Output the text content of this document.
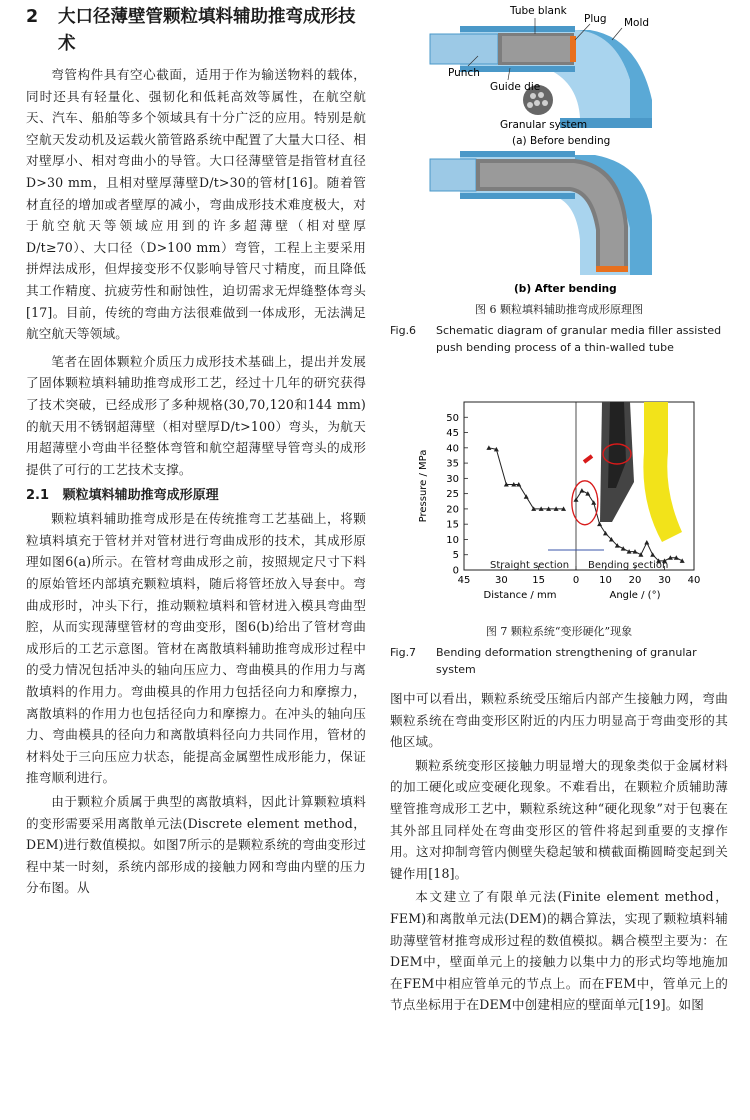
2	大口径薄壁管颗粒填料辅助推弯成形技术

弯管构件具有空心截面，适用于作为输送物料的载体，同时还具有轻量化、强韧化和低耗高效等属性，在航空航天、汽车、船舶等多个领域具有十分广泛的应用。特别是航空航天发动机及运载火箭管路系统中配置了大量大口径、相对壁厚小、相对弯曲小的导管。大口径薄壁管是指管材直径D>30 mm，且相对壁厚薄壁D/t>30的管材[16]。随着管材直径的增加或者壁厚的减小，弯曲成形技术难度极大，对于航空航天等领域应用到的许多超薄壁（相对壁厚D/t≥70）、大口径（D>100 mm）弯管，工程上主要采用拼焊法成形，但焊接变形不仅影响导管尺寸精度，而且降低其工作精度、抗疲劳性和耐蚀性，迫切需求无焊缝整体弯头[17]。目前，传统的弯曲方法很难做到一体成形，无法满足航空航天等领域。

笔者在固体颗粒介质压力成形技术基础上，提出并发展了固体颗粒填料辅助推弯成形工艺，经过十几年的研究获得了技术突破，已经成形了多种规格(30,70,120和144 mm)的航天用不锈钢超薄壁（相对壁厚D/t>100）弯头，为航天用超薄壁小弯曲半径整体弯管和航空超薄壁导管弯头的成形提供了可行的工艺技术支撑。

2.1 颗粒填料辅助推弯成形原理

颗粒填料辅助推弯成形是在传统推弯工艺基础上，将颗粒填料填充于管材并对管材进行弯曲成形的技术，其成形原理如图6(a)所示。在管材弯曲成形之前，按照规定尺寸下料的原始管坯内部填充颗粒填料，随后将管坯放入导套中。弯曲成形时，冲头下行，推动颗粒填料和管材进入模具弯曲型腔，从而实现薄壁管材的弯曲变形，图6(b)给出了管材弯曲成形后的工艺示意图。管材在离散填料辅助推弯成形过程中的受力情况包括冲头的轴向压应力、弯曲模具的作用力与离散填料的作用力。弯曲模具的作用力包括径向力和摩擦力，离散填料的作用力也包括径向力和摩擦力。在冲头的轴向压力、弯曲模具的径向力和离散填料径向力共同作用，管材的材料处于三向压应力状态，能提高金属塑性成形能力，保证推弯顺利进行。

由于颗粒介质属于典型的离散填料，因此计算颗粒填料的变形需要采用离散单元法(Discrete element method，DEM)进行数值模拟。如图7所示的是颗粒系统的弯曲变形过程中某一时刻，系统内部形成的接触力网和弯曲内壁的压力分布图。从

Tube blank
Plug Mold
Punch
Guide die
Granular system
(a) Before bending
(b) After bending

图 6 颗粒填料辅助推弯成形原理图

Fig.6	Schematic diagram of granular media filler assisted push bending process of a thin-walled tube
0
5
10
15
20
25
30
35
40
45
50
45 30 15	0 10 20 30 40
Pressure / MPa
Distance / mm	Angle / (°)
Straight section Bending section

图 7 颗粒系统“变形硬化”现象

Fig.7	Bending deformation strengthening of granular system

图中可以看出，颗粒系统受压缩后内部产生接触力网，弯曲颗粒系统在弯曲变形区附近的内压力明显高于弯曲变形的其他区域。

颗粒系统变形区接触力明显增大的现象类似于金属材料的加工硬化或应变硬化现象。不难看出，在颗粒介质辅助薄壁管推弯成形工艺中，颗粒系统这种“硬化现象”对于包裹在其外部且同样处在弯曲变形区的管件将起到重要的支撑作用。这对抑制弯管内侧壁失稳起皱和横截面椭圆畸变起到关键作用[18]。

本文建立了有限单元法(Finite element method，FEM)和离散单元法(DEM)的耦合算法，实现了颗粒填料辅助薄壁管材推弯成形过程的数值模拟。耦合模型主要为：在DEM中，壁面单元上的接触力以集中力的形式均等地施加在FEM中相应管单元的节点上。而在FEM中，管单元上的节点坐标用于在DEM中创建相应的壁面单元[19]。如图
